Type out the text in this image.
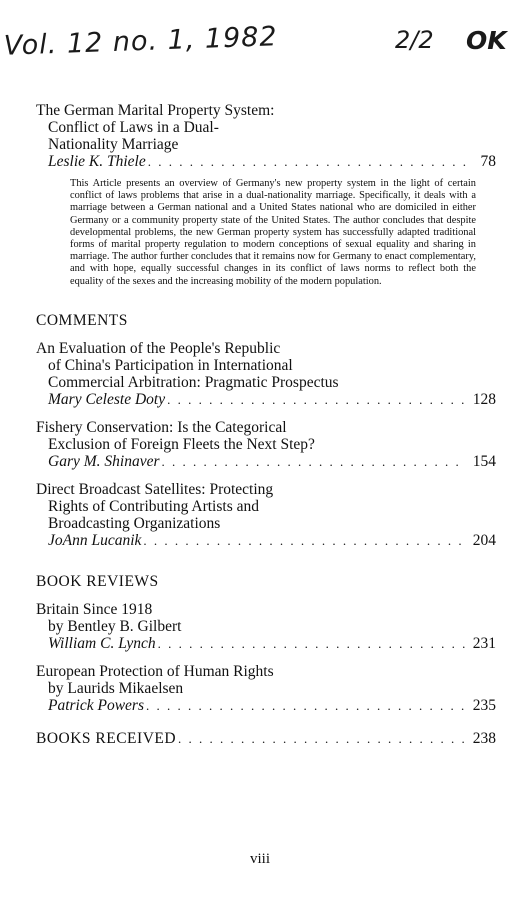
Vol. 12 no. 1, 1982	2/2 OK
The German Marital Property System:
Conflict of Laws in a Dual-
Nationality Marriage
Leslie K. Thiele . . .	78

This Article presents an overview of Germany's new property system in the light of certain conflict of laws problems that arise in a dual-nationality marriage. Specifically, it deals with a marriage between a German national and a United States national who are domiciled in either Germany or a community property state of the United States. The author concludes that despite developmental problems, the new German property system has successfully adapted traditional forms of marital property regulation to modern conceptions of sexual equality and sharing in marriage. The author further concludes that it remains now for Germany to enact complementary, and with hope, equally successful changes in its conflict of laws norms to reflect both the equality of the sexes and the increasing mobility of the modern population.

COMMENTS
An Evaluation of the People's Republic
of China's Participation in International
Commercial Arbitration: Pragmatic Prospectus
Mary Celeste Doty . . .	128
Fishery Conservation: Is the Categorical
Exclusion of Foreign Fleets the Next Step?
Gary M. Shinaver . . .	154
Direct Broadcast Satellites: Protecting
Rights of Contributing Artists and
Broadcasting Organizations
JoAnn Lucanik . . .	204
BOOK REVIEWS
Britain Since 1918
by Bentley B. Gilbert
William C. Lynch . . .	231
European Protection of Human Rights
by Laurids Mikaelsen
Patrick Powers . . .	235
BOOKS RECEIVED . . .	238
viii
